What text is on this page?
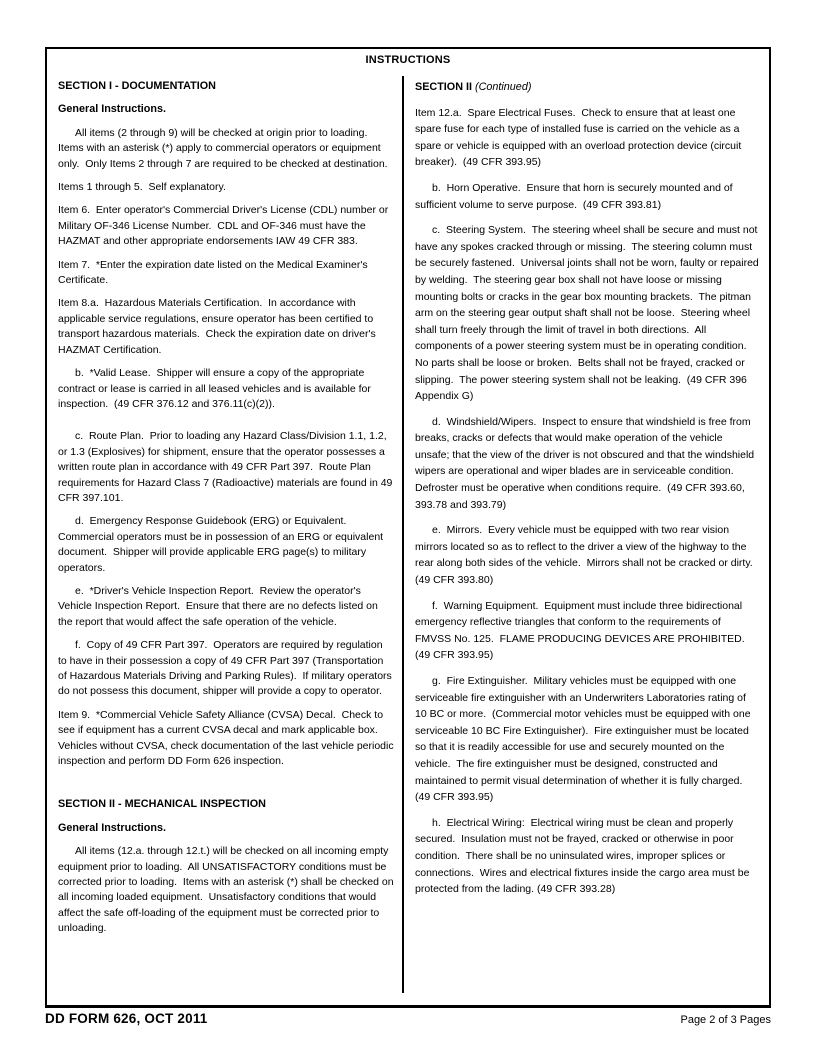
INSTRUCTIONS
SECTION I - DOCUMENTATION
General Instructions.
All items (2 through 9) will be checked at origin prior to loading.  Items with an asterisk (*) apply to commercial operators or equipment only.  Only Items 2 through 7 are required to be checked at destination.
Items 1 through 5.  Self explanatory.
Item 6.  Enter operator's Commercial Driver's License (CDL) number or Military OF-346 License Number.  CDL and OF-346 must have the HAZMAT and other appropriate endorsements IAW 49 CFR 383.
Item 7.  *Enter the expiration date listed on the Medical Examiner's Certificate.
Item 8.a.  Hazardous Materials Certification.  In accordance with applicable service regulations, ensure operator has been certified to transport hazardous materials.  Check the expiration date on driver's HAZMAT Certification.
b.  *Valid Lease.  Shipper will ensure a copy of the appropriate contract or lease is carried in all leased vehicles and is available for inspection.  (49 CFR 376.12 and 376.11(c)(2)).
c.  Route Plan.  Prior to loading any Hazard Class/Division 1.1, 1.2, or 1.3 (Explosives) for shipment, ensure that the operator possesses a written route plan in accordance with 49 CFR Part 397.  Route Plan requirements for Hazard Class 7 (Radioactive) materials are found in 49 CFR 397.101.
d.  Emergency Response Guidebook (ERG) or Equivalent.  Commercial operators must be in possession of an ERG or equivalent document.  Shipper will provide applicable ERG page(s) to military operators.
e.  *Driver's Vehicle Inspection Report.  Review the operator's Vehicle Inspection Report.  Ensure that there are no defects listed on the report that would affect the safe operation of the vehicle.
f.  Copy of 49 CFR Part 397.  Operators are required by regulation to have in their possession a copy of 49 CFR Part 397 (Transportation of Hazardous Materials Driving and Parking Rules).  If military operators do not possess this document, shipper will provide a copy to operator.
Item 9.  *Commercial Vehicle Safety Alliance (CVSA) Decal.  Check to see if equipment has a current CVSA decal and mark applicable box.  Vehicles without CVSA, check documentation of the last vehicle periodic inspection and perform DD Form 626 inspection.
SECTION II - MECHANICAL INSPECTION
General Instructions.
All items (12.a. through 12.t.) will be checked on all incoming empty equipment prior to loading.  All UNSATISFACTORY conditions must be corrected prior to loading.  Items with an asterisk (*) shall be checked on all incoming loaded equipment.  Unsatisfactory conditions that would affect the safe off-loading of the equipment must be corrected prior to unloading.
SECTION II (Continued)
Item 12.a.  Spare Electrical Fuses.  Check to ensure that at least one spare fuse for each type of installed fuse is carried on the vehicle as a spare or vehicle is equipped with an overload protection device (circuit breaker).  (49 CFR 393.95)
b.  Horn Operative.  Ensure that horn is securely mounted and of sufficient volume to serve purpose.  (49 CFR 393.81)
c.  Steering System.  The steering wheel shall be secure and must not have any spokes cracked through or missing.  The steering column must be securely fastened.  Universal joints shall not be worn, faulty or repaired by welding.  The steering gear box shall not have loose or missing mounting bolts or cracks in the gear box mounting brackets.  The pitman arm on the steering gear output shaft shall not be loose.  Steering wheel shall turn freely through the limit of travel in both directions.  All components of a power steering system must be in operating condition.  No parts shall be loose or broken.  Belts shall not be frayed, cracked or slipping.  The power steering system shall not be leaking.  (49 CFR 396 Appendix G)
d.  Windshield/Wipers.  Inspect to ensure that windshield is free from breaks, cracks or defects that would make operation of the vehicle unsafe; that the view of the driver is not obscured and that the windshield wipers are operational and wiper blades are in serviceable condition.  Defroster must be operative when conditions require.  (49 CFR 393.60, 393.78 and 393.79)
e.  Mirrors.  Every vehicle must be equipped with two rear vision mirrors located so as to reflect to the driver a view of the highway to the rear along both sides of the vehicle.  Mirrors shall not be cracked or dirty.  (49 CFR 393.80)
f.  Warning Equipment.  Equipment must include three bidirectional emergency reflective triangles that conform to the requirements of FMVSS No. 125.  FLAME PRODUCING DEVICES ARE PROHIBITED.  (49 CFR 393.95)
g.  Fire Extinguisher.  Military vehicles must be equipped with one serviceable fire extinguisher with an Underwriters Laboratories rating of 10 BC or more.  (Commercial motor vehicles must be equipped with one serviceable 10 BC Fire Extinguisher).  Fire extinguisher must be located so that it is readily accessible for use and securely mounted on the vehicle.  The fire extinguisher must be designed, constructed and maintained to permit visual determination of whether it is fully charged.  (49 CFR 393.95)
h.  Electrical Wiring:  Electrical wiring must be clean and properly secured.  Insulation must not be frayed, cracked or otherwise in poor condition.  There shall be no uninsulated wires, improper splices or connections.  Wires and electrical fixtures inside the cargo area must be protected from the lading. (49 CFR 393.28)
DD FORM 626, OCT 2011	Page 2 of 3 Pages
